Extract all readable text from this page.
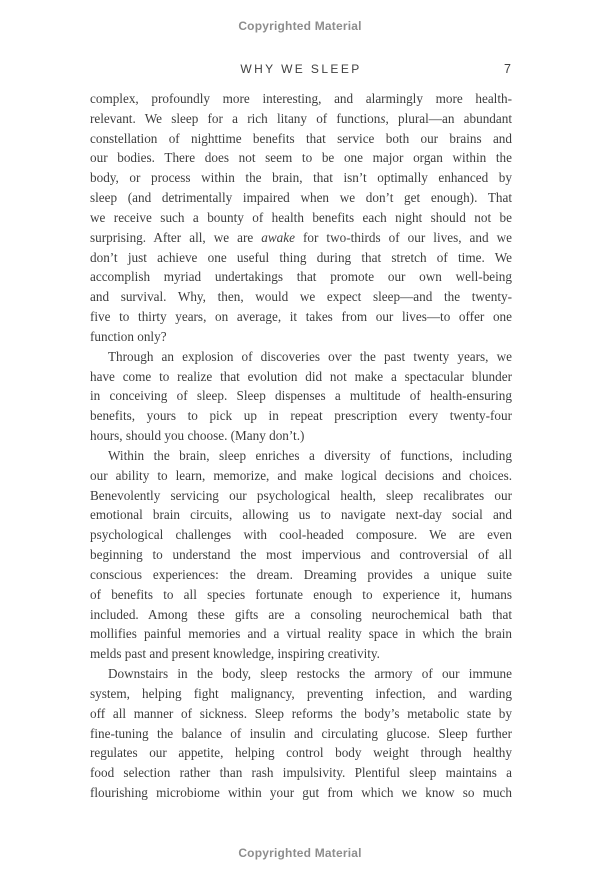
Copyrighted Material
WHY WE SLEEP	7
complex, profoundly more interesting, and alarmingly more health-
relevant. We sleep for a rich litany of functions, plural—an abundant
constellation of nighttime benefits that service both our brains and
our bodies. There does not seem to be one major organ within the
body, or process within the brain, that isn’t optimally enhanced by
sleep (and detrimentally impaired when we don’t get enough). That
we receive such a bounty of health benefits each night should not be
surprising. After all, we are awake for two-thirds of our lives, and we
don’t just achieve one useful thing during that stretch of time. We
accomplish myriad undertakings that promote our own well-being
and survival. Why, then, would we expect sleep—and the twenty-
five to thirty years, on average, it takes from our lives—to offer one
function only?
Through an explosion of discoveries over the past twenty years, we
have come to realize that evolution did not make a spectacular blunder
in conceiving of sleep. Sleep dispenses a multitude of health-ensuring
benefits, yours to pick up in repeat prescription every twenty-four
hours, should you choose. (Many don’t.)
Within the brain, sleep enriches a diversity of functions, including
our ability to learn, memorize, and make logical decisions and choices.
Benevolently servicing our psychological health, sleep recalibrates our
emotional brain circuits, allowing us to navigate next-day social and
psychological challenges with cool-headed composure. We are even
beginning to understand the most impervious and controversial of all
conscious experiences: the dream. Dreaming provides a unique suite
of benefits to all species fortunate enough to experience it, humans
included. Among these gifts are a consoling neurochemical bath that
mollifies painful memories and a virtual reality space in which the brain
melds past and present knowledge, inspiring creativity.
Downstairs in the body, sleep restocks the armory of our immune
system, helping fight malignancy, preventing infection, and warding
off all manner of sickness. Sleep reforms the body’s metabolic state by
fine-tuning the balance of insulin and circulating glucose. Sleep further
regulates our appetite, helping control body weight through healthy
food selection rather than rash impulsivity. Plentiful sleep maintains a
flourishing microbiome within your gut from which we know so much
Copyrighted Material
